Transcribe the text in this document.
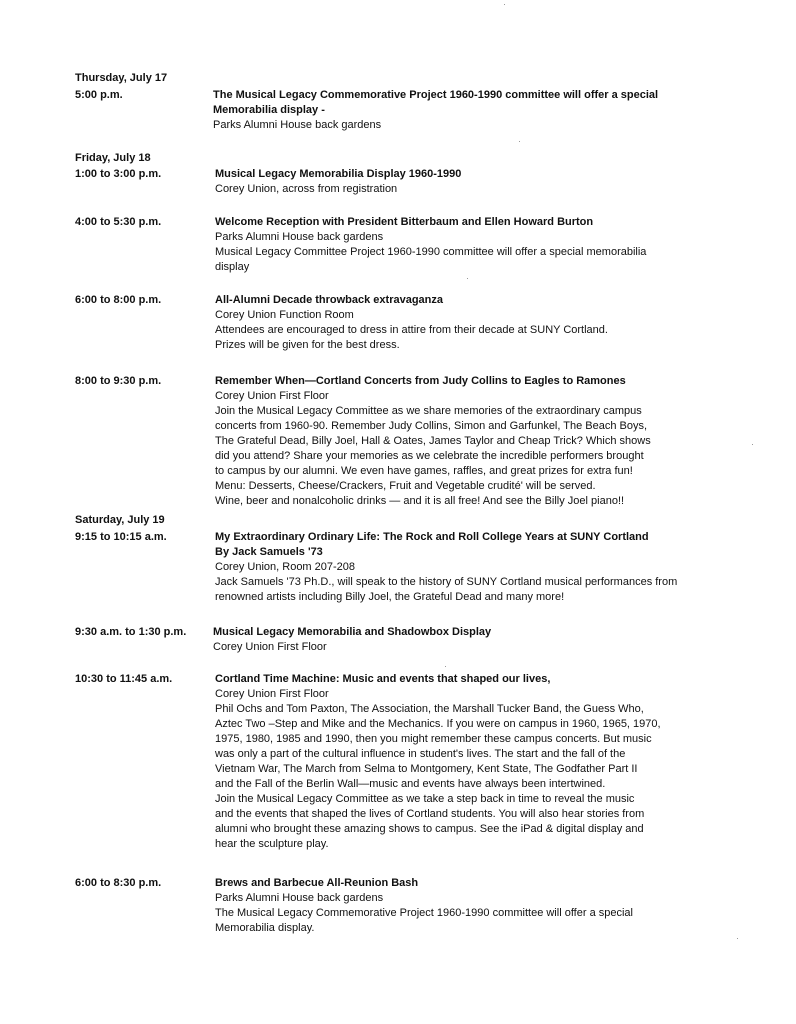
Thursday, July 17
5:00 p.m.	The Musical Legacy Commemorative Project 1960-1990 committee will offer a special
Memorabilia display -
Parks Alumni House back gardens
Friday, July 18
1:00 to 3:00 p.m.	Musical Legacy Memorabilia Display 1960-1990
Corey Union, across from registration
4:00 to 5:30 p.m.	Welcome Reception with President Bitterbaum and Ellen Howard Burton
Parks Alumni House back gardens
Musical Legacy Committee Project 1960-1990 committee will offer a special memorabilia
display
6:00 to 8:00 p.m.	All-Alumni Decade throwback extravaganza
Corey Union Function Room
Attendees are encouraged to dress in attire from their decade at SUNY Cortland.
Prizes will be given for the best dress.
8:00 to 9:30 p.m.	Remember When—Cortland Concerts from Judy Collins to Eagles to Ramones
Corey Union First Floor
Join the Musical Legacy Committee as we share memories of the extraordinary campus
concerts from 1960-90. Remember Judy Collins, Simon and Garfunkel, The Beach Boys,
The Grateful Dead, Billy Joel, Hall & Oates, James Taylor and Cheap Trick? Which shows
did you attend? Share your memories as we celebrate the incredible performers brought
to campus by our alumni. We even have games, raffles, and great prizes for extra fun!
Menu: Desserts, Cheese/Crackers, Fruit and Vegetable crudité' will be served.
Wine, beer and nonalcoholic drinks — and it is all free! And see the Billy Joel piano!!
Saturday, July 19
9:15 to 10:15 a.m.	My Extraordinary Ordinary Life: The Rock and Roll College Years at SUNY Cortland
By Jack Samuels '73
Corey Union, Room 207-208
Jack Samuels '73 Ph.D., will speak to the history of SUNY Cortland musical performances from
renowned artists including Billy Joel, the Grateful Dead and many more!
9:30 a.m. to 1:30 p.m.	Musical Legacy Memorabilia and Shadowbox Display
Corey Union First Floor
10:30 to 11:45 a.m.	Cortland Time Machine: Music and events that shaped our lives,
Corey Union First Floor
Phil Ochs and Tom Paxton, The Association, the Marshall Tucker Band, the Guess Who,
Aztec Two –Step and Mike and the Mechanics. If you were on campus in 1960, 1965, 1970,
1975, 1980, 1985 and 1990, then you might remember these campus concerts. But music
was only a part of the cultural influence in student's lives. The start and the fall of the
Vietnam War, The March from Selma to Montgomery, Kent State, The Godfather Part II
and the Fall of the Berlin Wall—music and events have always been intertwined.
Join the Musical Legacy Committee as we take a step back in time to reveal the music
and the events that shaped the lives of Cortland students. You will also hear stories from
alumni who brought these amazing shows to campus. See the iPad & digital display and
hear the sculpture play.
6:00 to 8:30 p.m.	Brews and Barbecue All-Reunion Bash
Parks Alumni House back gardens
The Musical Legacy Commemorative Project 1960-1990 committee will offer a special
Memorabilia display.
